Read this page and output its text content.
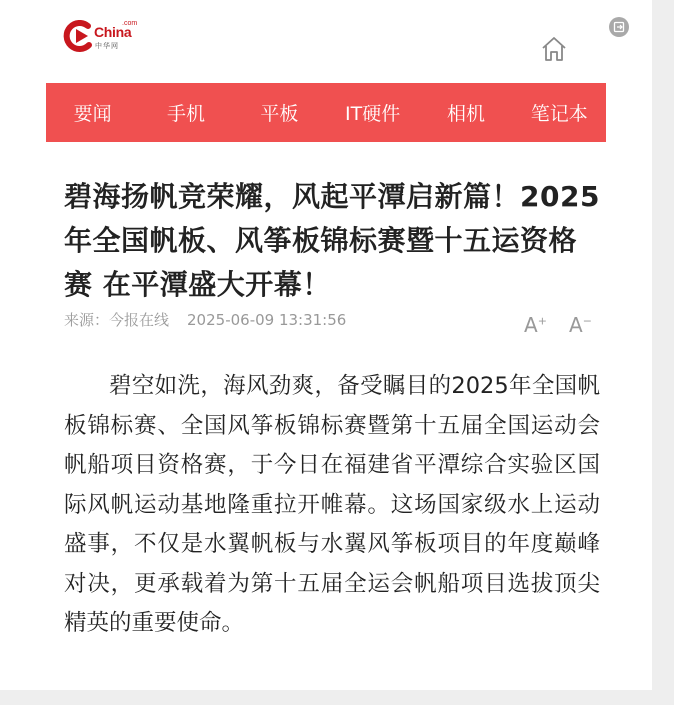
China
.com
中华网
要闻	手机	平板	IT硬件	相机	笔记本
碧海扬帆竞荣耀，风起平潭启新篇！2025年全国帆板、风筝板锦标赛暨十五运资格赛 在平潭盛大开幕！
来源：今报在线 2025-06-09 13:31:56	A+ A−

碧空如洗，海风劲爽，备受瞩目的2025年全国帆板锦标赛、全国风筝板锦标赛暨第十五届全国运动会帆船项目资格赛，于今日在福建省平潭综合实验区国际风帆运动基地隆重拉开帷幕。这场国家级水上运动盛事，不仅是水翼帆板与水翼风筝板项目的年度巅峰对决，更承载着为第十五届全运会帆船项目选拔顶尖精英的重要使命。
